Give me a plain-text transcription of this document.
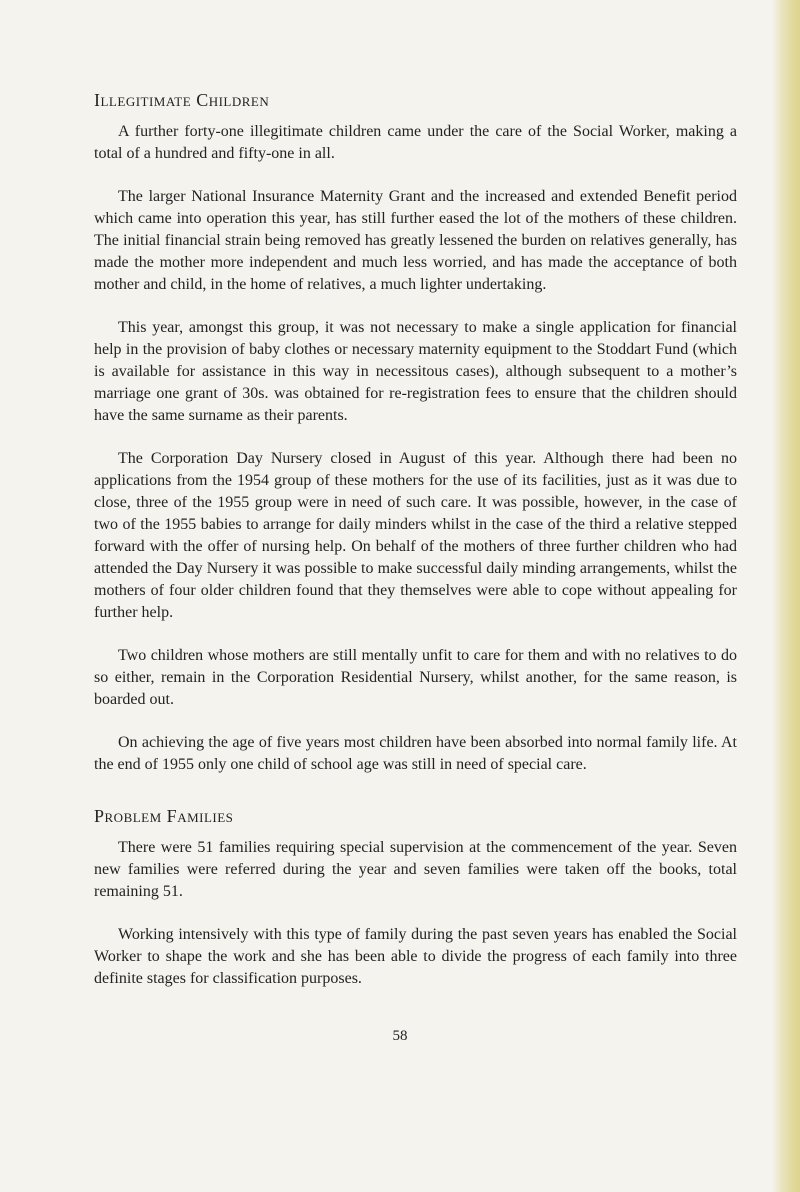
Illegitimate Children

A further forty-one illegitimate children came under the care of the Social Worker, making a total of a hundred and fifty-one in all.

The larger National Insurance Maternity Grant and the increased and extended Benefit period which came into operation this year, has still further eased the lot of the mothers of these children. The initial financial strain being removed has greatly lessened the burden on relatives generally, has made the mother more independent and much less worried, and has made the acceptance of both mother and child, in the home of relatives, a much lighter undertaking.

This year, amongst this group, it was not necessary to make a single application for financial help in the provision of baby clothes or necessary maternity equipment to the Stoddart Fund (which is available for assistance in this way in necessitous cases), although subsequent to a mother’s marriage one grant of 30s. was obtained for re-registration fees to ensure that the children should have the same surname as their parents.

The Corporation Day Nursery closed in August of this year. Although there had been no applications from the 1954 group of these mothers for the use of its facilities, just as it was due to close, three of the 1955 group were in need of such care. It was possible, however, in the case of two of the 1955 babies to arrange for daily minders whilst in the case of the third a relative stepped forward with the offer of nursing help. On behalf of the mothers of three further children who had attended the Day Nursery it was possible to make successful daily minding arrangements, whilst the mothers of four older children found that they themselves were able to cope without appealing for further help.

Two children whose mothers are still mentally unfit to care for them and with no relatives to do so either, remain in the Corporation Residential Nursery, whilst another, for the same reason, is boarded out.

On achieving the age of five years most children have been absorbed into normal family life. At the end of 1955 only one child of school age was still in need of special care.

Problem Families

There were 51 families requiring special supervision at the commencement of the year. Seven new families were referred during the year and seven families were taken off the books, total remaining 51.

Working intensively with this type of family during the past seven years has enabled the Social Worker to shape the work and she has been able to divide the progress of each family into three definite stages for classification purposes.

58
